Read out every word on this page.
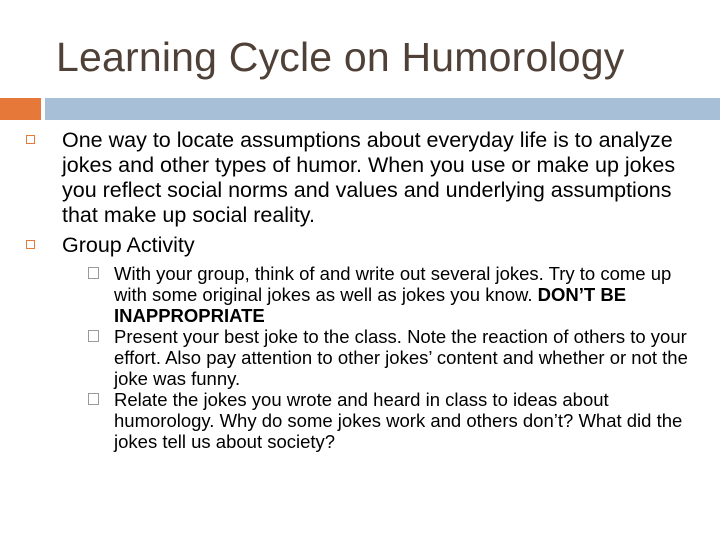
Learning Cycle on Humorology

One way to locate assumptions about everyday life is to analyze jokes and other types of humor. When you use or make up jokes you reflect social norms and values and underlying assumptions that make up social reality.

Group Activity

With your group, think of and write out several jokes. Try to come up with some original jokes as well as jokes you know. DON’T BE INAPPROPRIATE
Present your best joke to the class. Note the reaction of others to your effort. Also pay attention to other jokes’ content and whether or not the joke was funny.
Relate the jokes you wrote and heard in class to ideas about humorology. Why do some jokes work and others don’t? What did the jokes tell us about society?
